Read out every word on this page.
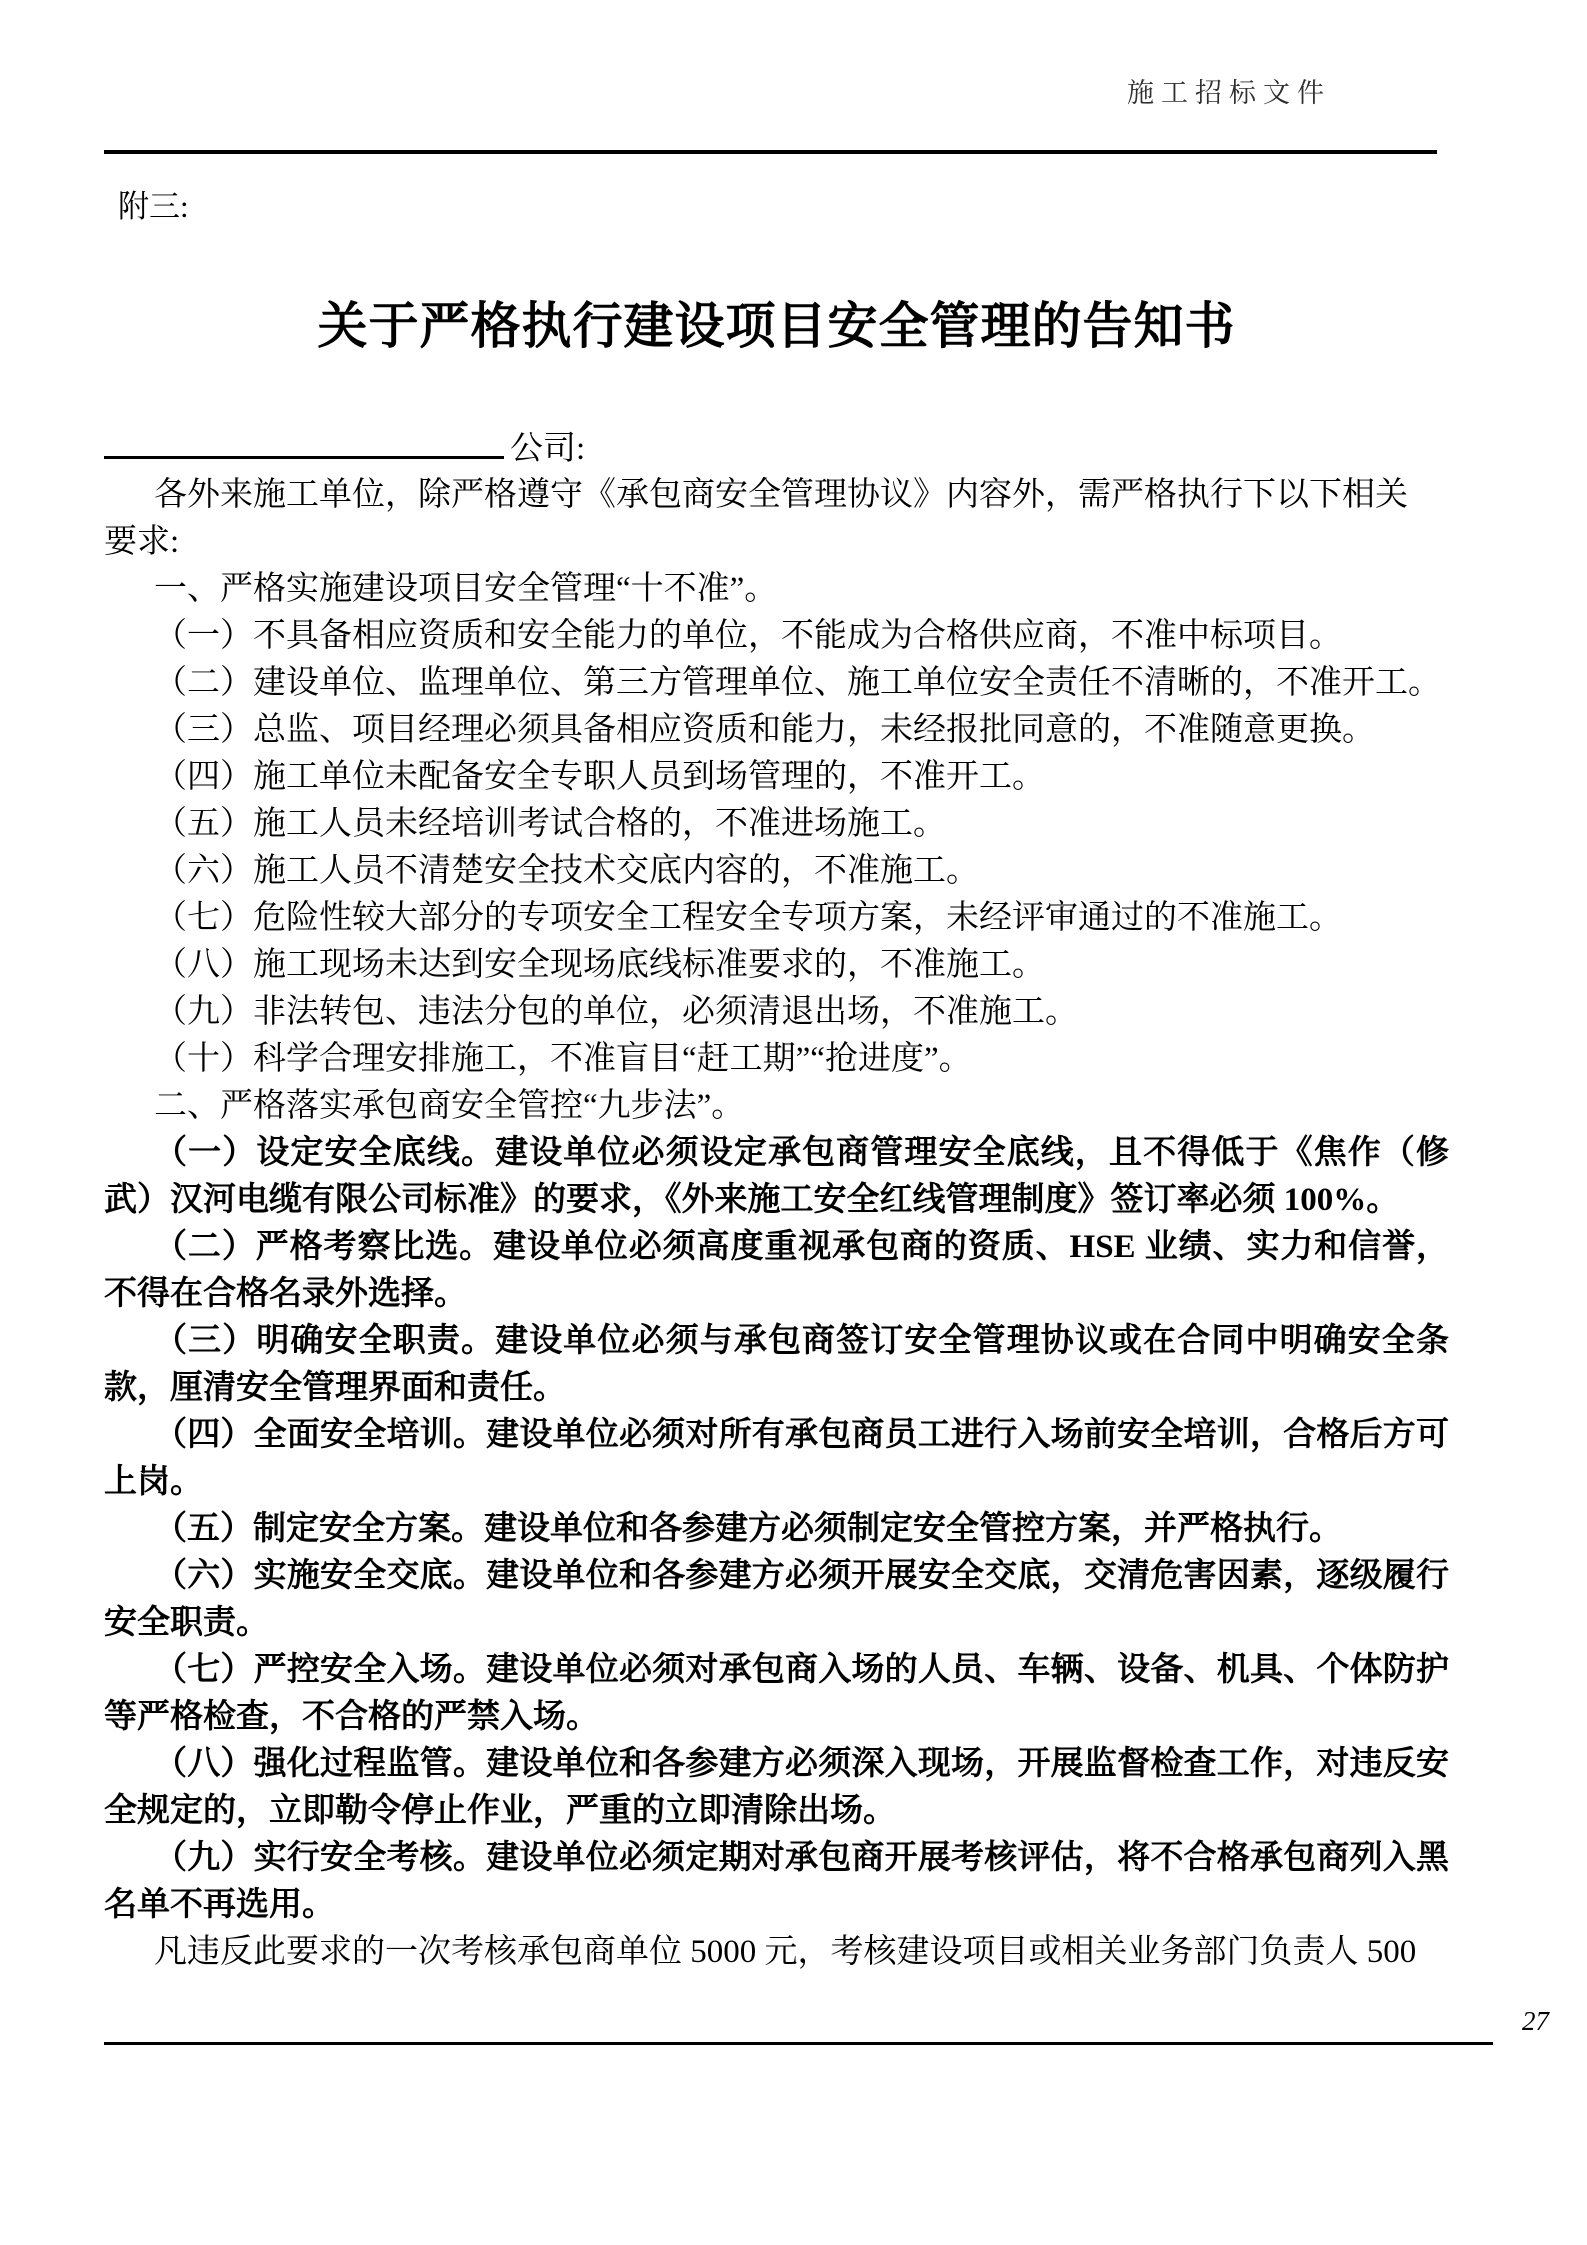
施工招标文件
附三:
关于严格执行建设项目安全管理的告知书
公司:

各外来施工单位，除严格遵守《承包商安全管理协议》内容外，需严格执行下以下相关
要求:

一、严格实施建设项目安全管理“十不准”。

（一）不具备相应资质和安全能力的单位，不能成为合格供应商，不准中标项目。

（二）建设单位、监理单位、第三方管理单位、施工单位安全责任不清晰的，不准开工。

（三）总监、项目经理必须具备相应资质和能力，未经报批同意的，不准随意更换。

（四）施工单位未配备安全专职人员到场管理的，不准开工。

（五）施工人员未经培训考试合格的，不准进场施工。

（六）施工人员不清楚安全技术交底内容的，不准施工。

（七）危险性较大部分的专项安全工程安全专项方案，未经评审通过的不准施工。

（八）施工现场未达到安全现场底线标准要求的，不准施工。

（九）非法转包、违法分包的单位，必须清退出场，不准施工。

（十）科学合理安排施工，不准盲目“赶工期”“抢进度”。

二、严格落实承包商安全管控“九步法”。

（一）设定安全底线。建设单位必须设定承包商管理安全底线，且不得低于《焦作（修武）汉河电缆有限公司标准》的要求，《外来施工安全红线管理制度》签订率必须 100%。

（二）严格考察比选。建设单位必须高度重视承包商的资质、HSE 业绩、实力和信誉，不得在合格名录外选择。

（三）明确安全职责。建设单位必须与承包商签订安全管理协议或在合同中明确安全条款，厘清安全管理界面和责任。

（四）全面安全培训。建设单位必须对所有承包商员工进行入场前安全培训，合格后方可上岗。

（五）制定安全方案。建设单位和各参建方必须制定安全管控方案，并严格执行。

（六）实施安全交底。建设单位和各参建方必须开展安全交底，交清危害因素，逐级履行安全职责。

（七）严控安全入场。建设单位必须对承包商入场的人员、车辆、设备、机具、个体防护等严格检查，不合格的严禁入场。

（八）强化过程监管。建设单位和各参建方必须深入现场，开展监督检查工作，对违反安全规定的，立即勒令停止作业，严重的立即清除出场。

（九）实行安全考核。建设单位必须定期对承包商开展考核评估，将不合格承包商列入黑名单不再选用。

凡违反此要求的一次考核承包商单位 5000 元，考核建设项目或相关业务部门负责人 500

27
